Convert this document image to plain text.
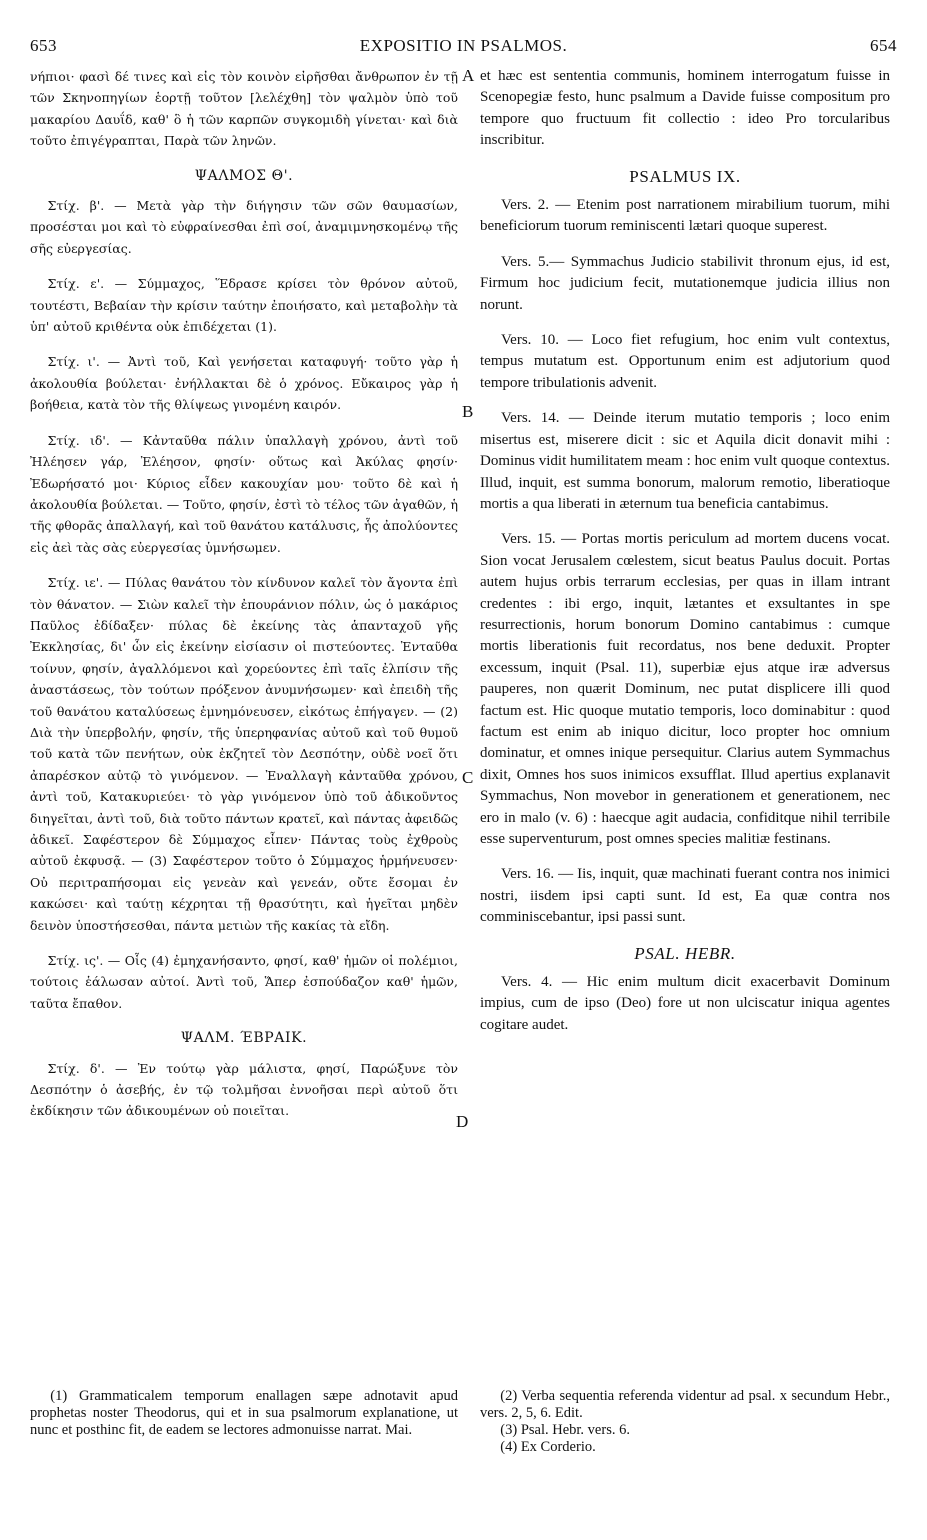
653	EXPOSITIO IN PSALMOS.	654
A
B
C
D

νήπιοι· φασὶ δέ τινες καὶ εἰς τὸν κοινὸν εἰρῆσθαι ἄνθρωπον ἐν τῇ τῶν Σκηνοπηγίων ἑορτῇ τοῦτον [λελέχθη] τὸν ψαλμὸν ὑπὸ τοῦ μακαρίου Δαυΐδ, καθ' ὃ ἡ τῶν καρπῶν συγκομιδὴ γίνεται· καὶ διὰ τοῦτο ἐπιγέγραπται, Παρὰ τῶν ληνῶν.

ΨΑΛΜΟΣ Θ'.

Στίχ. β'. — Μετὰ γὰρ τὴν διήγησιν τῶν σῶν θαυμασίων, προσέσται μοι καὶ τὸ εὐφραίνεσθαι ἐπὶ σοί, ἀναμιμνησκομένῳ τῆς σῆς εὐεργεσίας.

Στίχ. ε'. — Σύμμαχος, Ἕδρασε κρίσει τὸν θρόνον αὐτοῦ, τουτέστι, Βεβαίαν τὴν κρίσιν ταύτην ἐποιήσατο, καὶ μεταβολὴν τὰ ὑπ' αὐτοῦ κριθέντα οὐκ ἐπιδέχεται (1).

Στίχ. ι'. — Ἀντὶ τοῦ, Καὶ γενήσεται καταφυγή· τοῦτο γὰρ ἡ ἀκολουθία βούλεται· ἐνήλλακται δὲ ὁ χρόνος. Εὔκαιρος γὰρ ἡ βοήθεια, κατὰ τὸν τῆς θλίψεως γινομένη καιρόν.

Στίχ. ιδ'. — Κἀνταῦθα πάλιν ὑπαλλαγὴ χρόνου, ἀντὶ τοῦ Ἠλέησεν γάρ, Ἐλέησον, φησίν· οὕτως καὶ Ἀκύλας φησίν· Ἐδωρήσατό μοι· Κύριος εἶδεν κακουχίαν μου· τοῦτο δὲ καὶ ἡ ἀκολουθία βούλεται. — Τοῦτο, φησίν, ἐστὶ τὸ τέλος τῶν ἀγαθῶν, ἡ τῆς φθορᾶς ἀπαλλαγή, καὶ τοῦ θανάτου κατάλυσις, ἧς ἀπολύοντες εἰς ἀεὶ τὰς σὰς εὐεργεσίας ὑμνήσωμεν.

Στίχ. ιε'. — Πύλας θανάτου τὸν κίνδυνον καλεῖ τὸν ἄγοντα ἐπὶ τὸν θάνατον. — Σιὼν καλεῖ τὴν ἐπουράνιον πόλιν, ὡς ὁ μακάριος Παῦλος ἐδίδαξεν· πύλας δὲ ἐκείνης τὰς ἁπανταχοῦ γῆς Ἐκκλησίας, δι' ὧν εἰς ἐκείνην εἰσίασιν οἱ πιστεύοντες. Ἐνταῦθα τοίνυν, φησίν, ἀγαλλόμενοι καὶ χορεύοντες ἐπὶ ταῖς ἐλπίσιν τῆς ἀναστάσεως, τὸν τούτων πρόξενον ἀνυμνήσωμεν· καὶ ἐπειδὴ τῆς τοῦ θανάτου καταλύσεως ἐμνημόνευσεν, εἰκότως ἐπήγαγεν. — (2) Διὰ τὴν ὑπερβολήν, φησίν, τῆς ὑπερηφανίας αὐτοῦ καὶ τοῦ θυμοῦ τοῦ κατὰ τῶν πενήτων, οὐκ ἐκζητεῖ τὸν Δεσπότην, οὐδὲ νοεῖ ὅτι ἀπαρέσκον αὐτῷ τὸ γινόμενον. — Ἐναλλαγὴ κἀνταῦθα χρόνου, ἀντὶ τοῦ, Κατακυριεύει· τὸ γὰρ γινόμενον ὑπὸ τοῦ ἀδικοῦντος διηγεῖται, ἀντὶ τοῦ, διὰ τοῦτο πάντων κρατεῖ, καὶ πάντας ἀφειδῶς ἀδικεῖ. Σαφέστερον δὲ Σύμμαχος εἶπεν· Πάντας τοὺς ἐχθροὺς αὐτοῦ ἐκφυσᾷ. — (3) Σαφέστερον τοῦτο ὁ Σύμμαχος ἡρμήνευσεν· Οὐ περιτραπήσομαι εἰς γενεὰν καὶ γενεάν, οὔτε ἔσομαι ἐν κακώσει· καὶ ταύτῃ κέχρηται τῇ θρασύτητι, καὶ ἡγεῖται μηδὲν δεινὸν ὑποστήσεσθαι, πάντα μετιὼν τῆς κακίας τὰ εἴδη.

Στίχ. ις'. — Οἷς (4) ἐμηχανήσαντο, φησί, καθ' ἡμῶν οἱ πολέμιοι, τούτοις ἑάλωσαν αὐτοί. Ἀντὶ τοῦ, Ἅπερ ἐσπούδαζον καθ' ἡμῶν, ταῦτα ἔπαθον.

ΨΑΛΜ. ΈΒΡΑΙΚ.

Στίχ. δ'. — Ἐν τούτῳ γὰρ μάλιστα, φησί, Παρώξυνε τὸν Δεσπότην ὁ ἀσεβής, ἐν τῷ τολμῆσαι ἐννοῆσαι περὶ αὐτοῦ ὅτι ἐκδίκησιν τῶν ἀδικουμένων οὐ ποιεῖται.

et hæc est sententia communis, hominem interrogatum fuisse in Scenopegiæ festo, hunc psalmum a Davide fuisse compositum pro tempore quo fructuum fit collectio : ideo Pro torcularibus inscribitur.

PSALMUS IX.

Vers. 2. — Etenim post narrationem mirabilium tuorum, mihi beneficiorum tuorum reminiscenti lætari quoque superest.

Vers. 5.— Symmachus Judicio stabilivit thronum ejus, id est, Firmum hoc judicium fecit, mutationemque judicia illius non norunt.

Vers. 10. — Loco fiet refugium, hoc enim vult contextus, tempus mutatum est. Opportunum enim est adjutorium quod tempore tribulationis advenit.

Vers. 14. — Deinde iterum mutatio temporis ; loco enim misertus est, miserere dicit : sic et Aquila dicit donavit mihi : Dominus vidit humilitatem meam : hoc enim vult quoque contextus. Illud, inquit, est summa bonorum, malorum remotio, liberatioque mortis a qua liberati in æternum tua beneficia cantabimus.

Vers. 15. — Portas mortis periculum ad mortem ducens vocat. Sion vocat Jerusalem cœlestem, sicut beatus Paulus docuit. Portas autem hujus orbis terrarum ecclesias, per quas in illam intrant credentes : ibi ergo, inquit, lætantes et exsultantes in spe resurrectionis, horum bonorum Domino cantabimus : cumque mortis liberationis fuit recordatus, nos bene deduxit. Propter excessum, inquit (Psal. 11), superbiæ ejus atque iræ adversus pauperes, non quærit Dominum, nec putat displicere illi quod factum est. Hic quoque mutatio temporis, loco dominabitur : quod factum est enim ab iniquo dicitur, loco propter hoc omnium dominatur, et omnes inique persequitur. Clarius autem Symmachus dixit, Omnes hos suos inimicos exsufflat. Illud apertius explanavit Symmachus, Non movebor in generationem et generationem, nec ero in malo (v. 6) : haecque agit audacia, confiditque nihil terribile esse superventurum, post omnes species malitiæ festinans.

Vers. 16. — Iis, inquit, quæ machinati fuerant contra nos inimici nostri, iisdem ipsi capti sunt. Id est, Ea quæ contra nos comminiscebantur, ipsi passi sunt.

PSAL. HEBR.

Vers. 4. — Hic enim multum dicit exacerbavit Dominum impius, cum de ipso (Deo) fore ut non ulciscatur iniqua agentes cogitare audet.

(1) Grammaticalem temporum enallagen sæpe adnotavit apud prophetas noster Theodorus, qui et in sua psalmorum explanatione, ut nunc et posthinc fit, de eadem se lectores admonuisse narrat. Mai.
(2) Verba sequentia referenda videntur ad psal. x secundum Hebr., vers. 2, 5, 6. Edit.
(3) Psal. Hebr. vers. 6.
(4) Ex Corderio.
